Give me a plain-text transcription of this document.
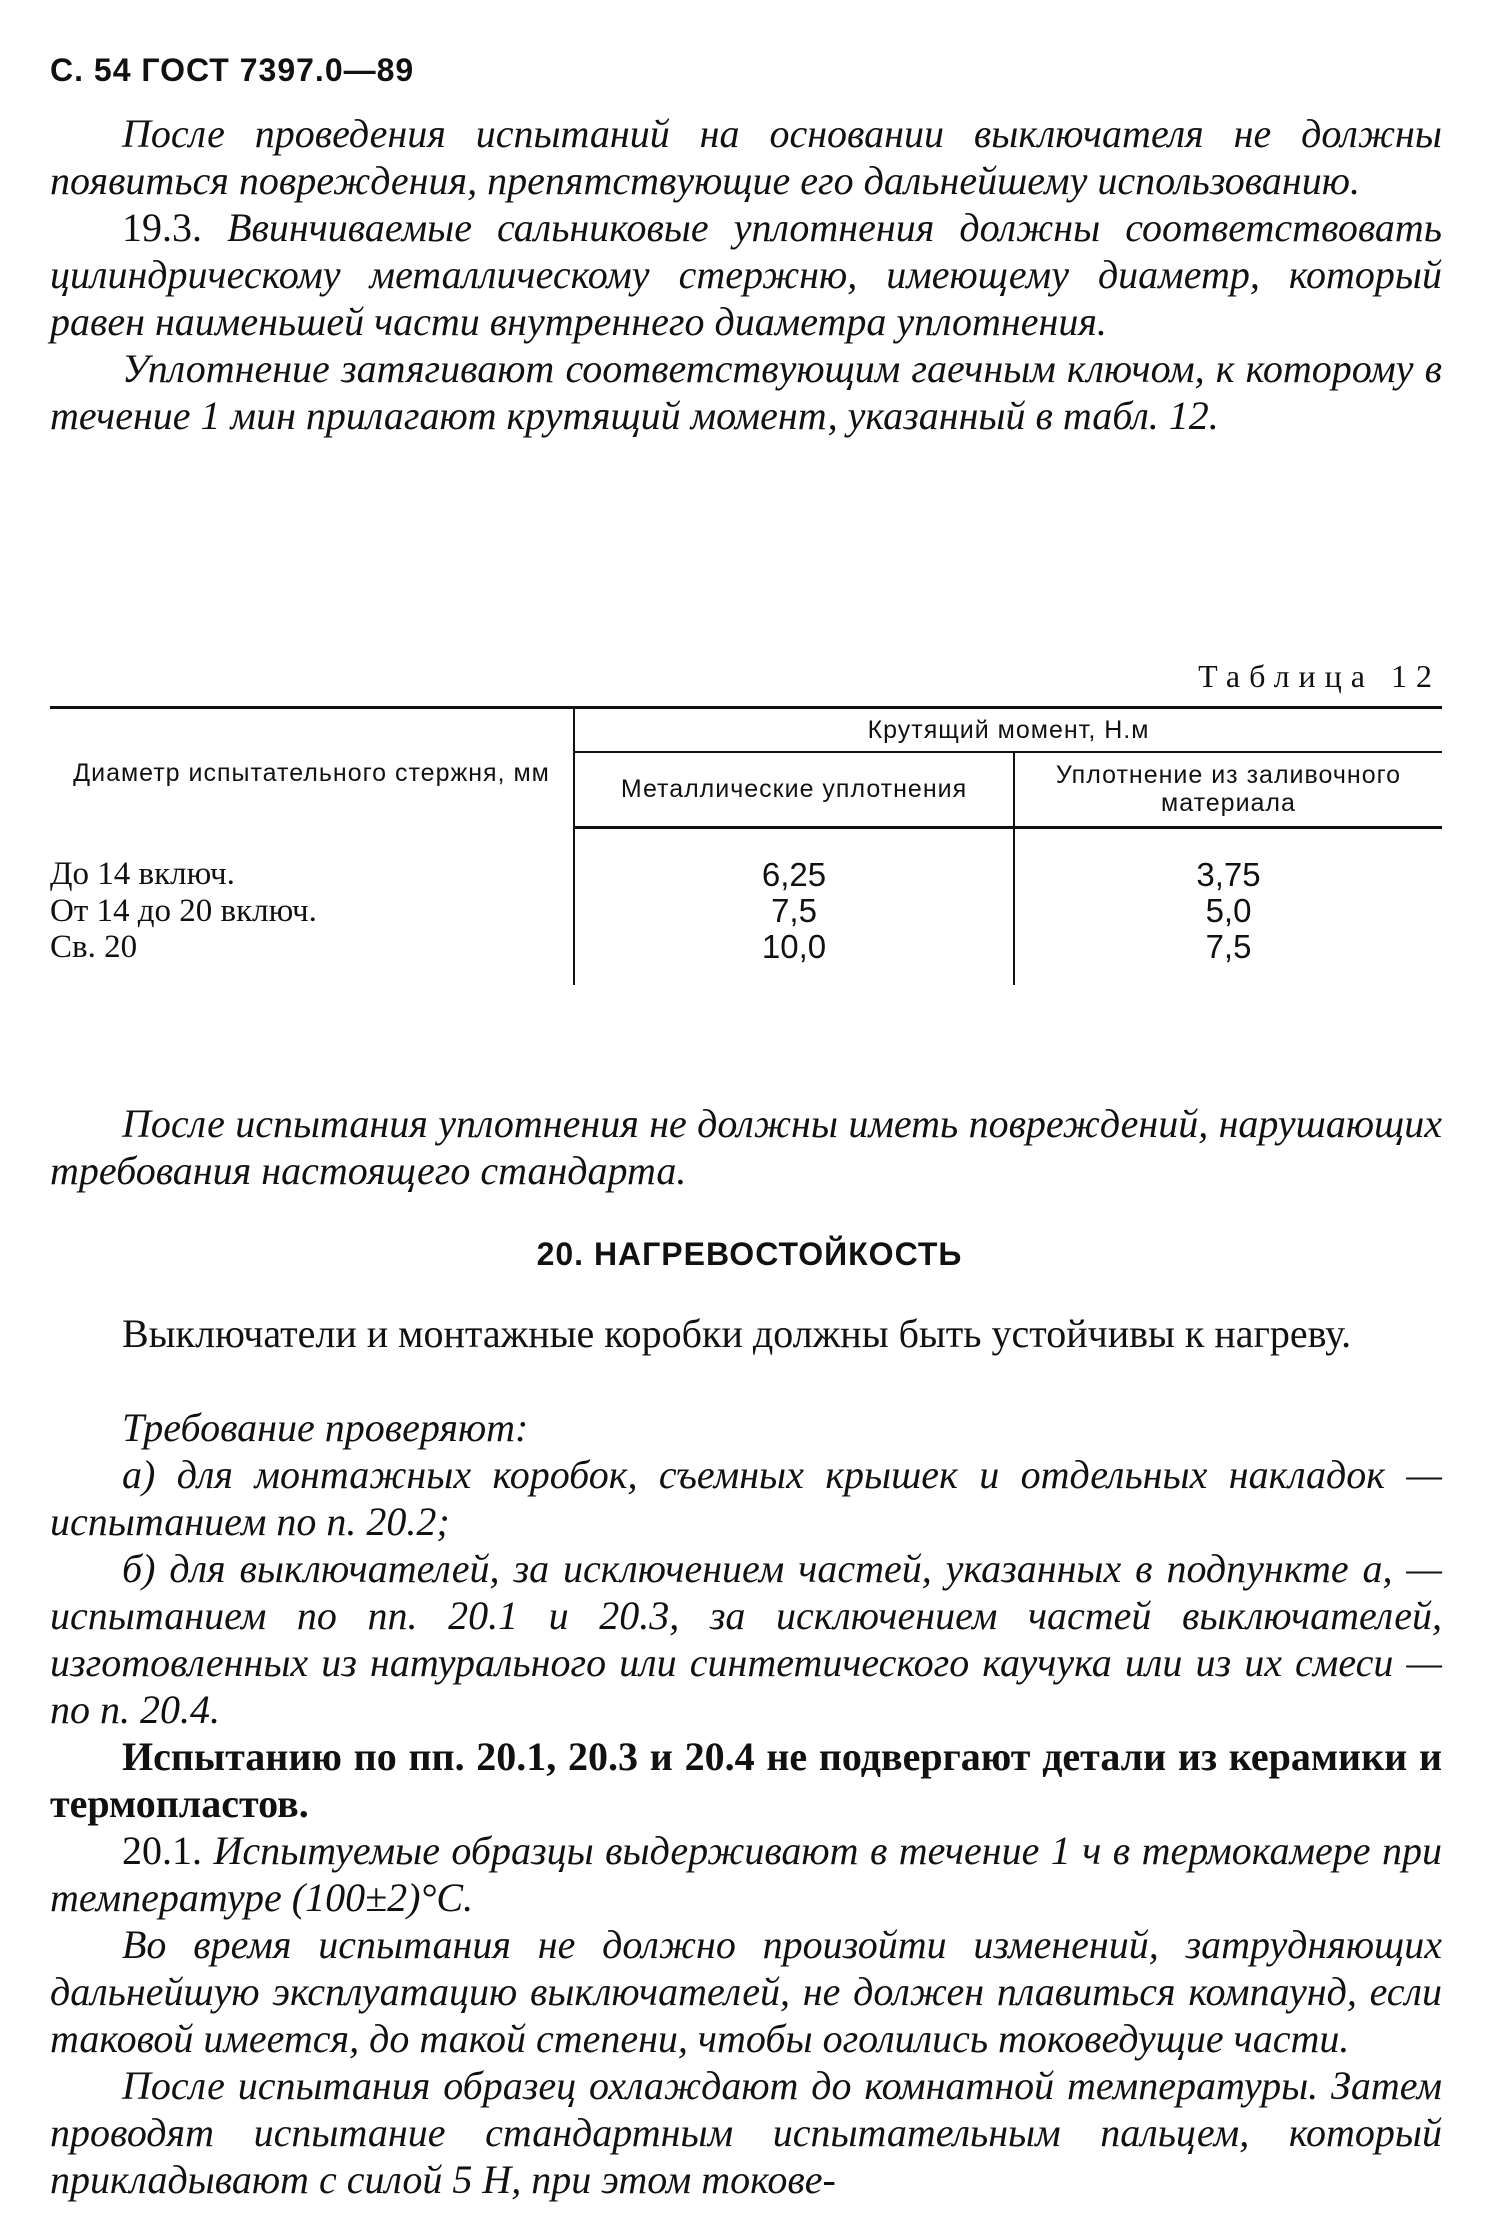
С. 54 ГОСТ 7397.0—89
После проведения испытаний на основании выключателя не должны появиться повреждения, препятствующие его дальнейшему использованию.
19.3. Ввинчиваемые сальниковые уплотнения должны соответствовать цилиндрическому металлическому стержню, имеющему диаметр, который равен наименьшей части внутреннего диаметра уплотнения.
Уплотнение затягивают соответствующим гаечным ключом, к которому в течение 1 мин прилагают крутящий момент, указанный в табл. 12.
Таблица 12
Диаметр испытательного стержня, мм	Крутящий момент, Н.м	
	Металлические уплотнения	Уплотнение из заливочного материала
До 14 включ.	6,25	3,75
От 14 до 20 включ.	7,5	5,0
Св. 20	10,0	7,5
После испытания уплотнения не должны иметь повреждений, нарушающих требования настоящего стандарта.
20. НАГРЕВОСТОЙКОСТЬ
Выключатели и монтажные коробки должны быть устойчивы к нагреву.
Требование проверяют:
а) для монтажных коробок, съемных крышек и отдельных накладок — испытанием по п. 20.2;
б) для выключателей, за исключением частей, указанных в подпункте а, — испытанием по пп. 20.1 и 20.3, за исключением частей выключателей, изготовленных из натурального или синтетического каучука или из их смеси — по п. 20.4.
Испытанию по пп. 20.1, 20.3 и 20.4 не подвергают детали из керамики и термопластов.
20.1. Испытуемые образцы выдерживают в течение 1 ч в термокамере при температуре (100±2)°С.
Во время испытания не должно произойти изменений, затрудняющих дальнейшую эксплуатацию выключателей, не должен плавиться компаунд, если таковой имеется, до такой степени, чтобы оголились токоведущие части.
После испытания образец охлаждают до комнатной температуры. Затем проводят испытание стандартным испытательным пальцем, который прикладывают с силой 5 Н, при этом токове-
